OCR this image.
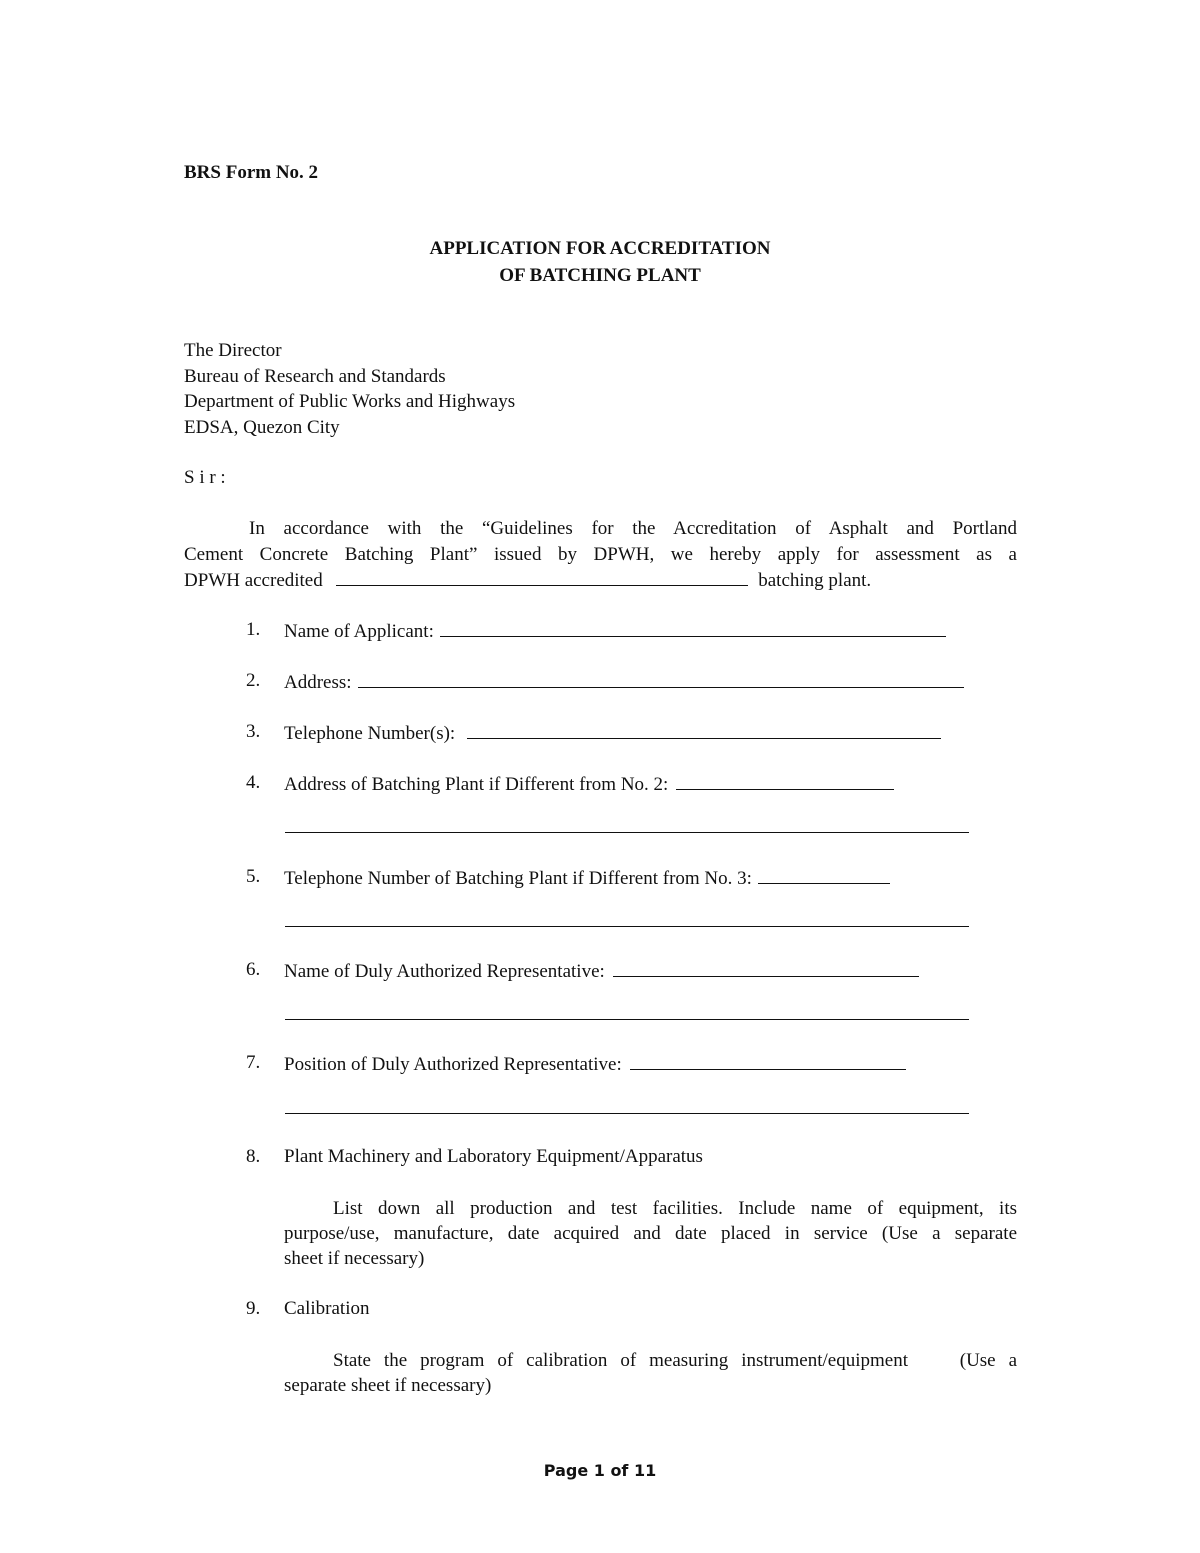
BRS Form No. 2
APPLICATION FOR ACCREDITATION
OF BATCHING PLANT
The Director
Bureau of Research and Standards
Department of Public Works and Highways
EDSA, Quezon City
S i r :
In accordance with the “Guidelines for the Accreditation of Asphalt and Portland
Cement Concrete Batching Plant” issued by DPWH, we hereby apply for assessment as a
DPWH accredited	batching plant.
1.	Name of Applicant:
2.	Address:
3.	Telephone Number(s):
4.	Address of Batching Plant if Different from No. 2:
5.	Telephone Number of Batching Plant if Different from No. 3:
6.	Name of Duly Authorized Representative:
7.	Position of Duly Authorized Representative:
8.	Plant Machinery and Laboratory Equipment/Apparatus
List down all production and test facilities. Include name of equipment, its
purpose/use, manufacture, date acquired and date placed in service (Use a separate
sheet if necessary)
9.	Calibration
State the program of calibration of measuring instrument/equipment    (Use a
separate sheet if necessary)
Page 1 of 11
